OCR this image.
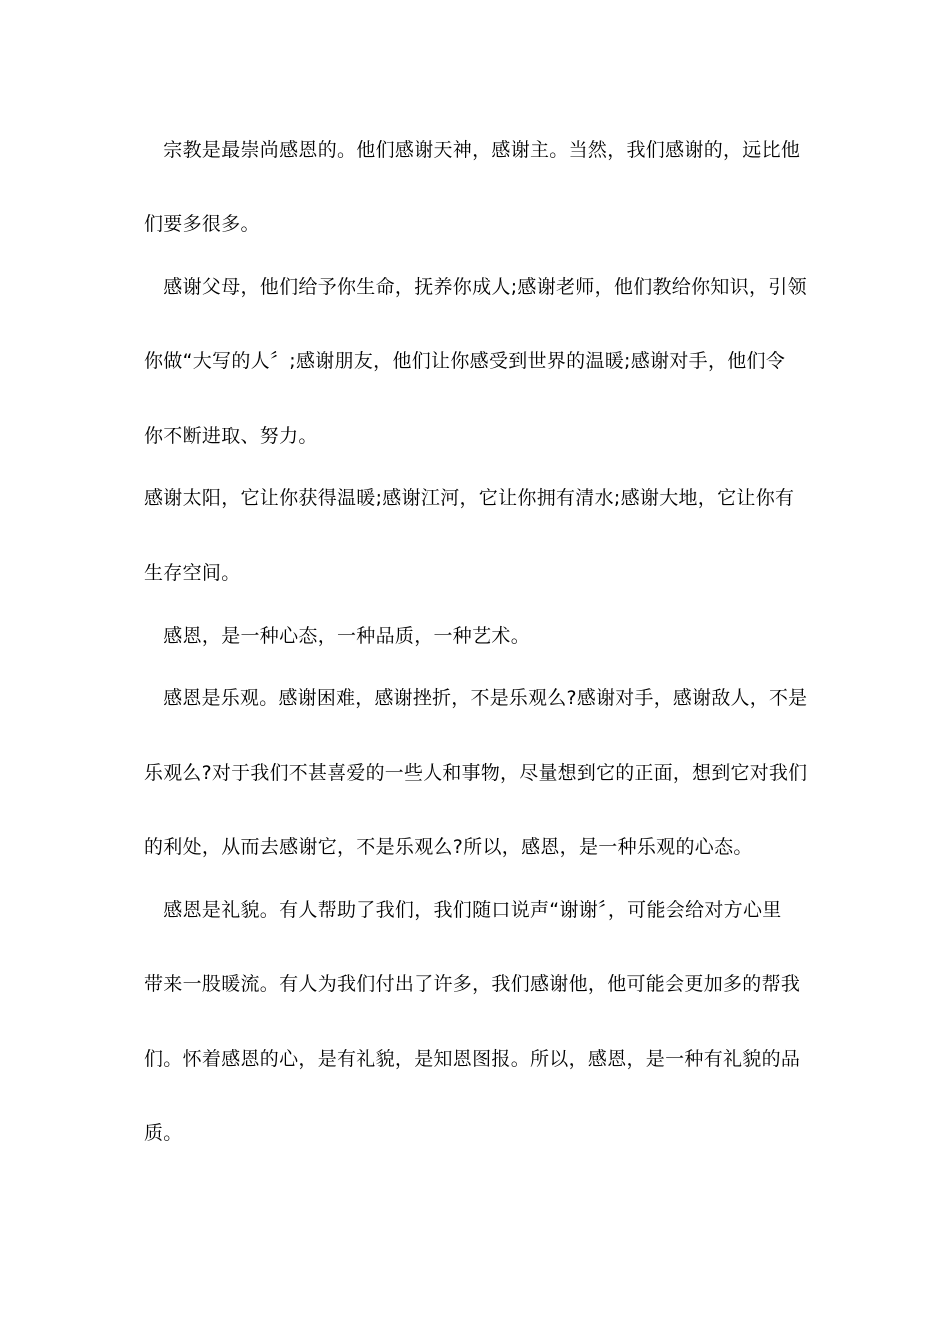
　宗教是最崇尚感恩的。他们感谢天神，感谢主。当然，我们感谢的，远比他
们要多很多。
　感谢父母，他们给予你生命，抚养你成人;感谢老师，他们教给你知识，引领
你做“大写的人〞;感谢朋友，他们让你感受到世界的温暖;感谢对手，他们令
你不断进取、努力。
感谢太阳，它让你获得温暖;感谢江河，它让你拥有清水;感谢大地，它让你有
生存空间。
　感恩，是一种心态，一种品质，一种艺术。
　感恩是乐观。感谢困难，感谢挫折，不是乐观么?感谢对手，感谢敌人，不是
乐观么?对于我们不甚喜爱的一些人和事物，尽量想到它的正面，想到它对我们
的利处，从而去感谢它，不是乐观么?所以，感恩，是一种乐观的心态。
　感恩是礼貌。有人帮助了我们，我们随口说声“谢谢〞，可能会给对方心里
带来一股暖流。有人为我们付出了许多，我们感谢他，他可能会更加多的帮我
们。怀着感恩的心，是有礼貌，是知恩图报。所以，感恩，是一种有礼貌的品
质。
